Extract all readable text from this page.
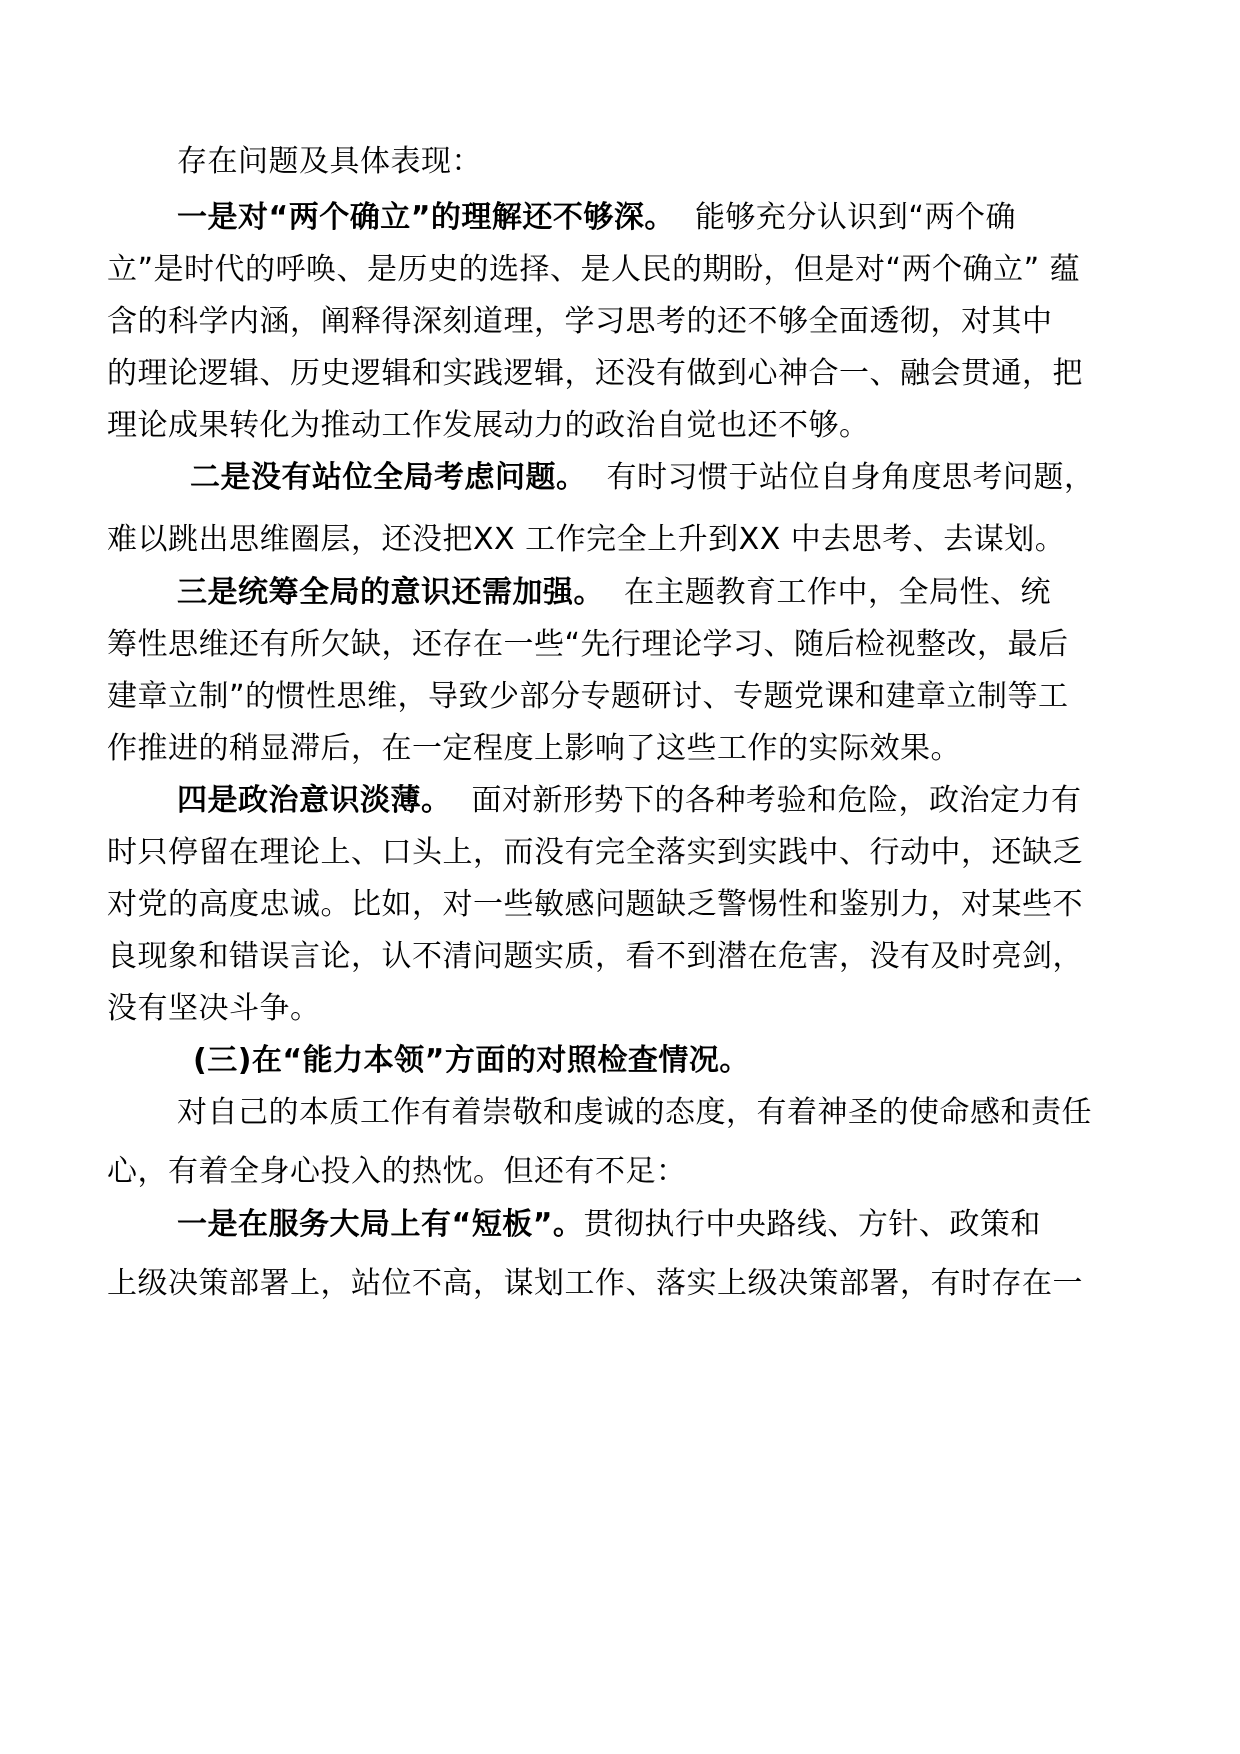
存在问题及具体表现：
一是对“两个确立”的理解还不够深。 能够充分认识到“两个确
立”是时代的呼唤、是历史的选择、是人民的期盼，但是对“两个确立” 蕴
含的科学内涵，阐释得深刻道理，学习思考的还不够全面透彻，对其中
的理论逻辑、历史逻辑和实践逻辑，还没有做到心神合一、融会贯通，把
理论成果转化为推动工作发展动力的政治自觉也还不够。
二是没有站位全局考虑问题。 有时习惯于站位自身角度思考问题，
难以跳出思维圈层，还没把XX 工作完全上升到XX 中去思考、去谋划。
三是统筹全局的意识还需加强。 在主题教育工作中，全局性、统
筹性思维还有所欠缺，还存在一些“先行理论学习、随后检视整改，最后
建章立制”的惯性思维，导致少部分专题研讨、专题党课和建章立制等工
作推进的稍显滞后，在一定程度上影响了这些工作的实际效果。
四是政治意识淡薄。 面对新形势下的各种考验和危险，政治定力有
时只停留在理论上、口头上，而没有完全落实到实践中、行动中，还缺乏
对党的高度忠诚。比如，对一些敏感问题缺乏警惕性和鉴别力，对某些不
良现象和错误言论，认不清问题实质，看不到潜在危害，没有及时亮剑，
没有坚决斗争。
(三)在“能力本领”方面的对照检查情况。
对自己的本质工作有着崇敬和虔诚的态度，有着神圣的使命感和责任
心，有着全身心投入的热忱。但还有不足：
一是在服务大局上有“短板”。贯彻执行中央路线、方针、政策和
上级决策部署上，站位不高，谋划工作、落实上级决策部署，有时存在一
